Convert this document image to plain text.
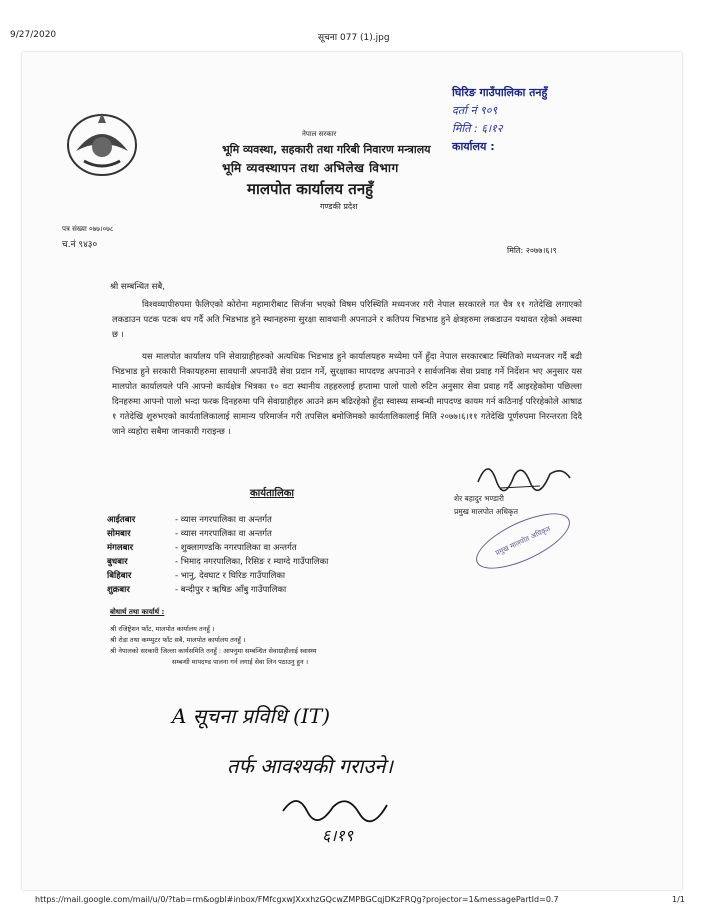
9/27/2020	सूचना 077 (1).jpg
घिरिङ गाउँपालिका तनहुँ
दर्ता नं ९०९
मिति : ६।१२
कार्यालय :
नेपाल सरकार
भूमि व्यवस्था, सहकारी तथा गरिबी निवारण मन्त्रालय
भूमि व्यवस्थापन तथा अभिलेख विभाग
मालपोत कार्यालय तनहुँ
गण्डकी प्रदेश
पत्र संख्या ०७७।०७८
च.नं ९४३०
मिति: २०७७।६।९
श्री सम्बन्धित सबै,
विश्वव्यापीरुपमा फैलिएको कोरोना महामारीबाट सिर्जना भएको विषम परिस्थिति मध्यनजर गरी नेपाल सरकारले गत चैत्र ११ गतेदेखि लगाएको लकडाउन पटक पटक थप गर्दै अति भिडभाड हुने स्थानहरुमा सुरक्षा सावधानी अपनाउने र कतिपय भिडभाड हुने क्षेत्रहरुमा लकडाउन यथावत रहेको अवस्था छ ।
यस मालपोत कार्यालय पनि सेवाग्राहीहरुको अत्यधिक भिडभाड हुने कार्यालयहरु मध्येमा पर्ने हुँदा नेपाल सरकारबाट स्थितिको मध्यनजर गर्दै बढी भिडभाड हुने सरकारी निकायहरुमा सावधानी अपनाउँदै सेवा प्रदान गर्ने, सुरक्षाका मापदण्ड अपनाउने र सार्वजनिक सेवा प्रवाह गर्ने निर्देशन भए अनुसार यस मालपोत कार्यालयले पनि आफ्नो कार्यक्षेत्र भित्रका १० वटा स्थानीय तहहरुलाई हप्तामा पालो पालो रुटिन अनुसार सेवा प्रवाह गर्दै आइरहेकोमा पछिल्ला दिनहरुमा आफ्नो पालो भन्दा फरक दिनहरुमा पनि सेवाग्राहीहरु आउने क्रम बढिरहेको हुँदा स्वास्थ्य सम्बन्धी मापदण्ड कायम गर्न कठिनाई परिरहेकोले आषाढ १ गतेदेखि शुरुभएको कार्यतालिकालाई सामान्य परिमार्जन गरी तपसिल बमोजिमको कार्यतालिकालाई मिति २०७७।६।११ गतेदेखि पूर्णरुपमा निरन्तरता दिदै जाने व्यहोरा सबैमा जानकारी गराइन्छ ।
कार्यतालिका
आईतबार	- व्यास नगरपालिका वा अन्तर्गत
सोमबार	- व्यास नगरपालिका वा अन्तर्गत
मंगलबार	- शुक्लागण्डकि नगरपालिका वा अन्तर्गत
बुधबार	- भिमाद नगरपालिका, रिसिङ र म्याग्दे गाउँपालिका
बिहिबार	- भानु, देवघाट र घिरिङ गाउँपालिका
शुक्रबार	- बन्दीपुर र ऋषिङ आँबु गाउँपालिका
शेर बहादुर भण्डारी
प्रमुख मालपोत अधिकृत
प्रमुख मालपोत अधिकृत
बोधार्थ तथा कार्यार्थ :
श्री रजिष्ट्रेशन फाँट, मालपोत कार्यालय तनहुँ ।
श्री रोडा तथा कम्प्युटर फाँट सबै, मालपोत कार्यालय तनहुँ ।
श्री नेपालको सरकारी जिल्ला कार्यसमिति तनहुँ : आफ्नुमा सम्बन्धित सेवाग्राहीलाई स्वास्थ्य
सम्बन्धी मापदण्ड पालना गर्न लगाई सेवा लिन पठाउनु हुन ।
A सूचना प्रविधि (IT)
तर्फ आवश्यकी गराउने।
६।१९
https://mail.google.com/mail/u/0/?tab=rm&ogbl#inbox/FMfcgxwJXxxhzGQcwZMPBGCqjDKzFRQg?projector=1&messagePartId=0.7	1/1
